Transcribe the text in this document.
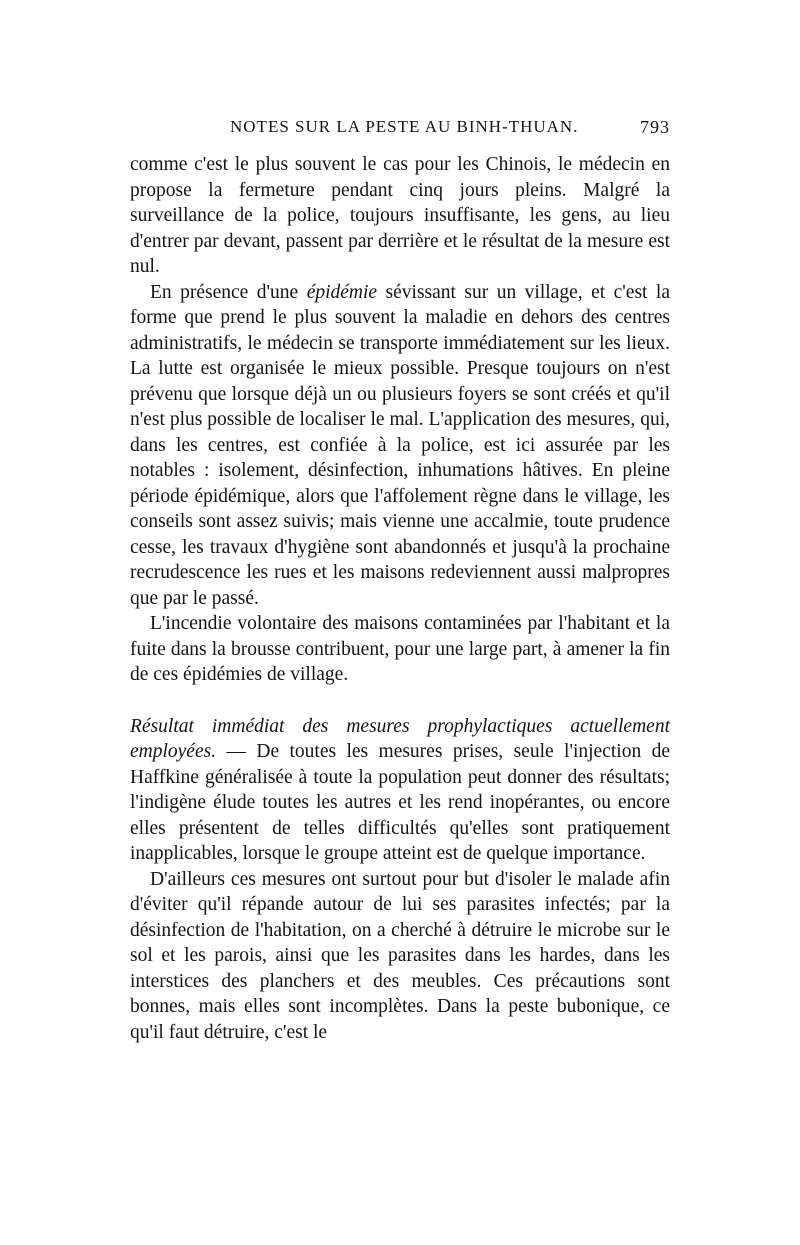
NOTES SUR LA PESTE AU BINH-THUAN.	793

comme c'est le plus souvent le cas pour les Chinois, le médecin en propose la fermeture pendant cinq jours pleins. Malgré la surveillance de la police, toujours insuffisante, les gens, au lieu d'entrer par devant, passent par derrière et le résultat de la mesure est nul.

En présence d'une épidémie sévissant sur un village, et c'est la forme que prend le plus souvent la maladie en dehors des centres administratifs, le médecin se transporte immédiatement sur les lieux. La lutte est organisée le mieux possible. Presque toujours on n'est prévenu que lorsque déjà un ou plusieurs foyers se sont créés et qu'il n'est plus possible de localiser le mal. L'application des mesures, qui, dans les centres, est confiée à la police, est ici assurée par les notables : isolement, désinfection, inhumations hâtives. En pleine période épidémique, alors que l'affolement règne dans le village, les conseils sont assez suivis; mais vienne une accalmie, toute prudence cesse, les travaux d'hygiène sont abandonnés et jusqu'à la prochaine recrudescence les rues et les maisons redeviennent aussi malpropres que par le passé.

L'incendie volontaire des maisons contaminées par l'habitant et la fuite dans la brousse contribuent, pour une large part, à amener la fin de ces épidémies de village.

Résultat immédiat des mesures prophylactiques actuellement employées. — De toutes les mesures prises, seule l'injection de Haffkine généralisée à toute la population peut donner des résultats; l'indigène élude toutes les autres et les rend inopérantes, ou encore elles présentent de telles difficultés qu'elles sont pratiquement inapplicables, lorsque le groupe atteint est de quelque importance.

D'ailleurs ces mesures ont surtout pour but d'isoler le malade afin d'éviter qu'il répande autour de lui ses parasites infectés; par la désinfection de l'habitation, on a cherché à détruire le microbe sur le sol et les parois, ainsi que les parasites dans les hardes, dans les interstices des planchers et des meubles. Ces précautions sont bonnes, mais elles sont incomplètes. Dans la peste bubonique, ce qu'il faut détruire, c'est le
